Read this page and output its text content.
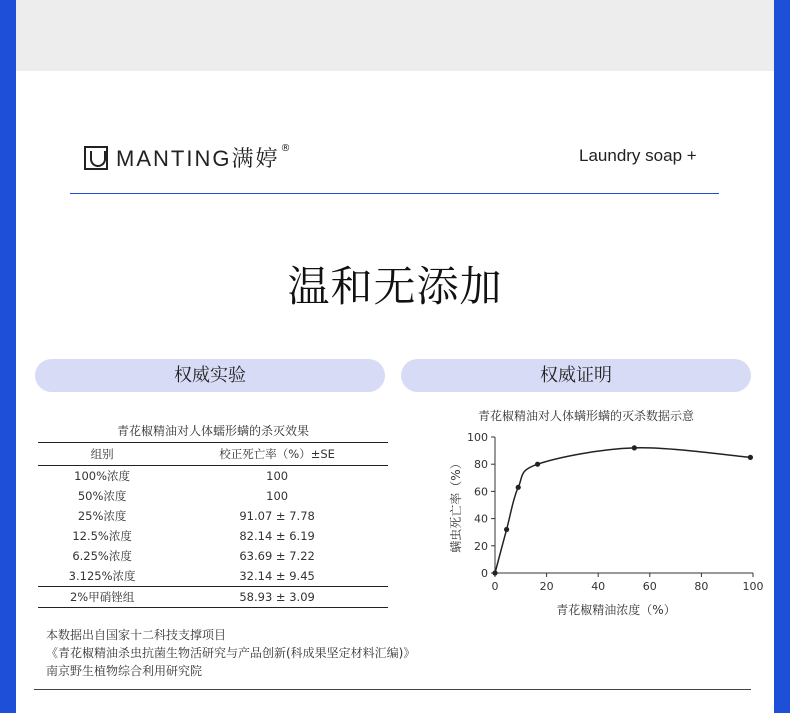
MANTING满婷 ®	Laundry soap +
温和无添加
权威实验	权威证明
青花椒精油对人体蠕形螨的杀灭效果
组别	校正死亡率（%）±SE
100%浓度	100
50%浓度	100
25%浓度	91.07 ± 7.78
12.5%浓度	82.14 ± 6.19
6.25%浓度	63.69 ± 7.22
3.125%浓度	32.14 ± 9.45
2%甲硝锉组	58.93 ± 3.09
本数据出自国家十二科技支撑项目
《青花椒精油杀虫抗菌生物活研究与产品创新(科成果坚定材料汇编)》
南京野生植物综合利用研究院
青花椒精油对人体螨形螨的灭杀数据示意
螨虫死亡率（%）
青花椒精油浓度（%）
0
20
40
60
80
100
0	20	40	60	80	100
